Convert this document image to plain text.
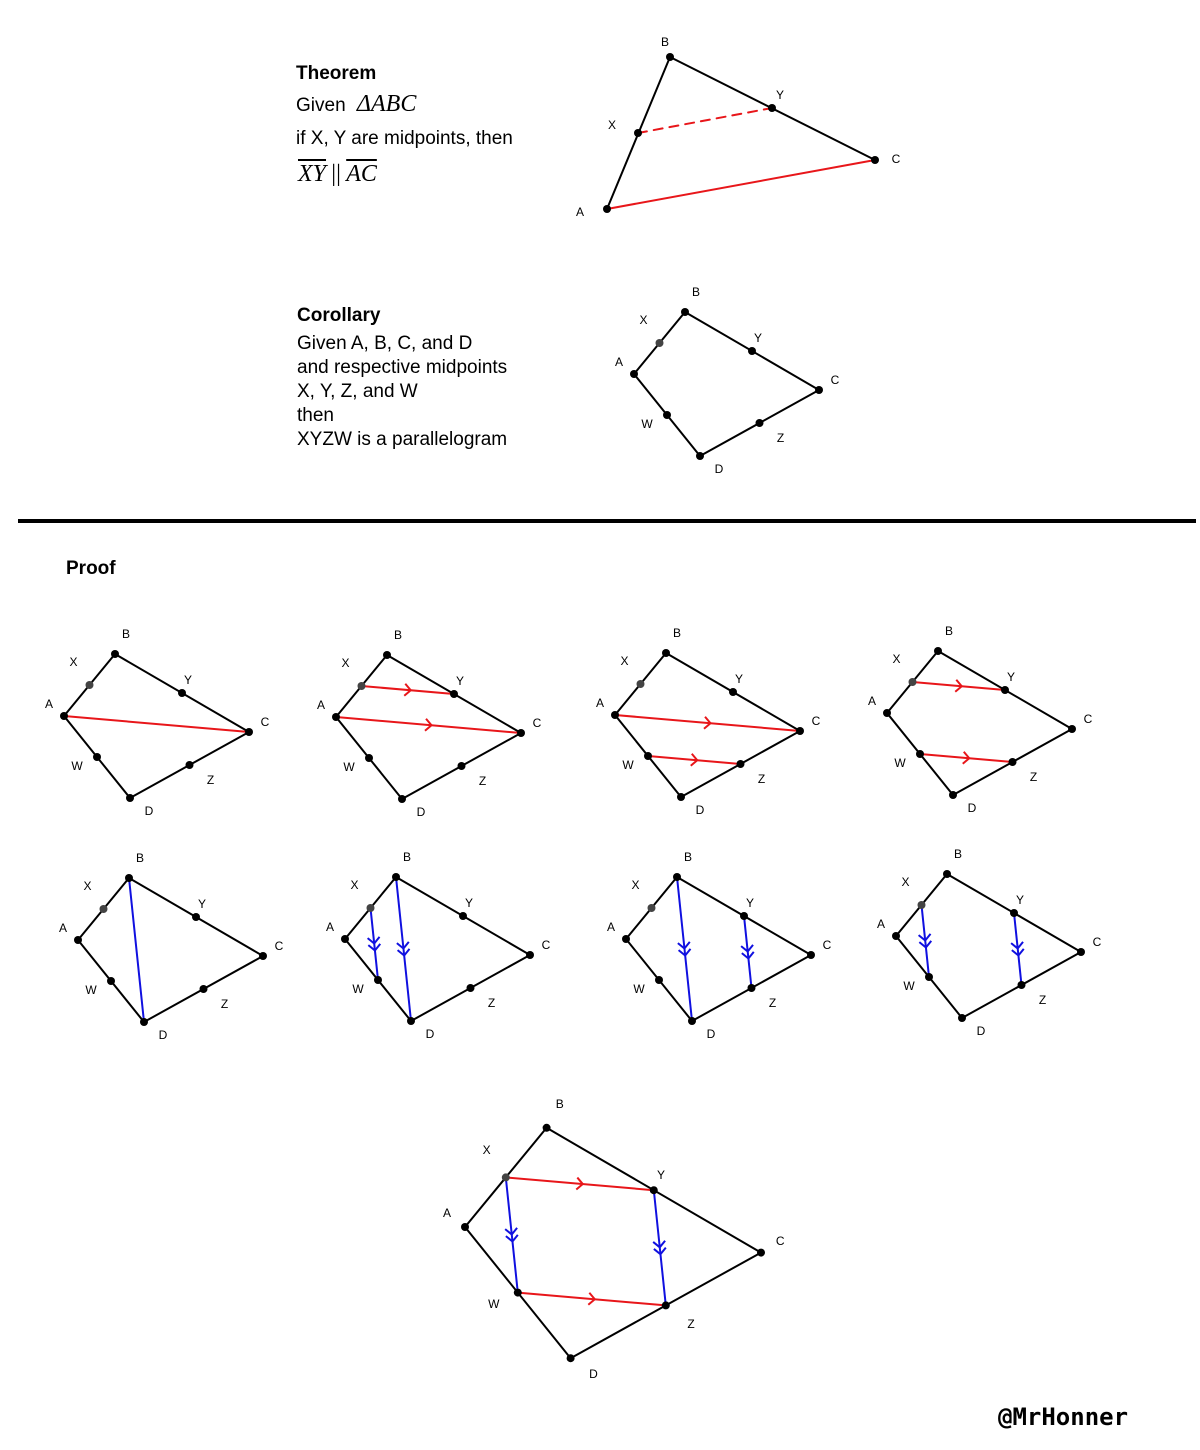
Theorem
Given ΔABC
if X, Y are midpoints, then
$\overline{XY}$ || $\overline{AC}$
Corollary
Given A, B, C, and D
and respective midpoints
X, Y, Z, and W
then
XYZW is a parallelogram
Proof
A
B
C
X
Y
A
B
C
D
X
Y
Z
W
A
B
C
D
X
Y
Z
W
A
B
C
D
X
Y
Z
W
A
B
C
D
X
Y
Z
W
A
B
C
D
X
Y
Z
W
A
B
C
D
X
Y
Z
W
A
B
C
D
X
Y
Z
W
A
B
C
D
X
Y
Z
W
A
B
C
D
X
Y
Z
W
A
B
C
D
X
Y
Z
W
@MrHonner
